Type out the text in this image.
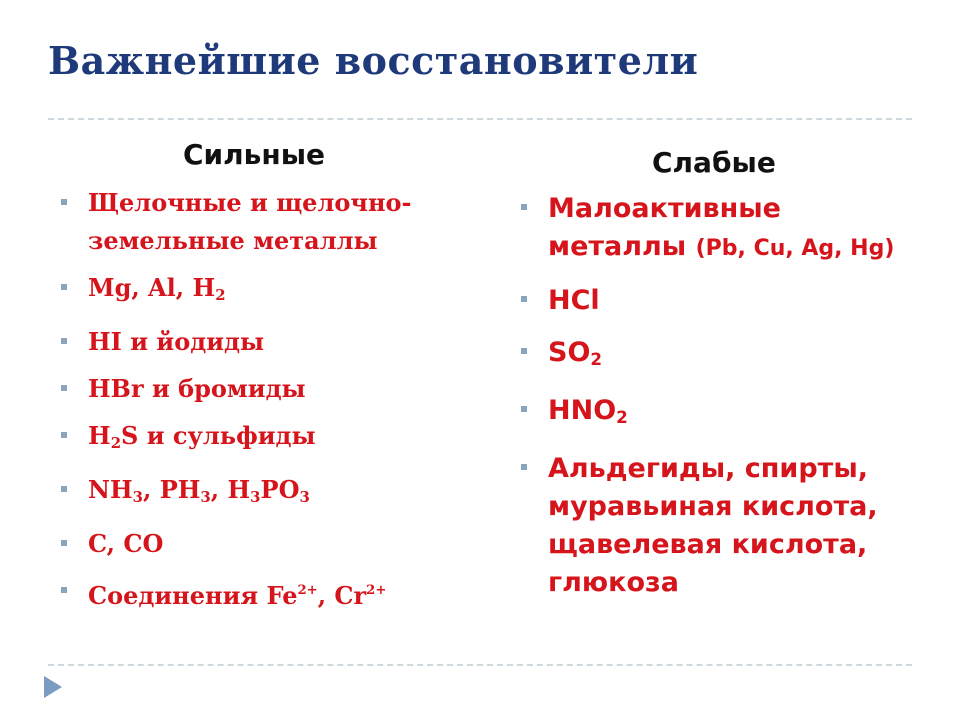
Важнейшие восстановители
Сильные	Слабые
Щелочные и щелочно-земельные металлы
Mg, Al, $H_2$
HI и йодиды
HBr и бромиды
$H_2S$ и сульфиды
$NH_3$, $PH_3$, $H_3PO_3$
C, CO
Соединения $Fe^{2+}$, $Cr^{2+}$
Малоактивные металлы (Pb, Cu, Ag, Hg)
HCl
$SO_2$
$HNO_2$
Альдегиды, спирты, муравьиная кислота, щавелевая кислота, глюкоза
